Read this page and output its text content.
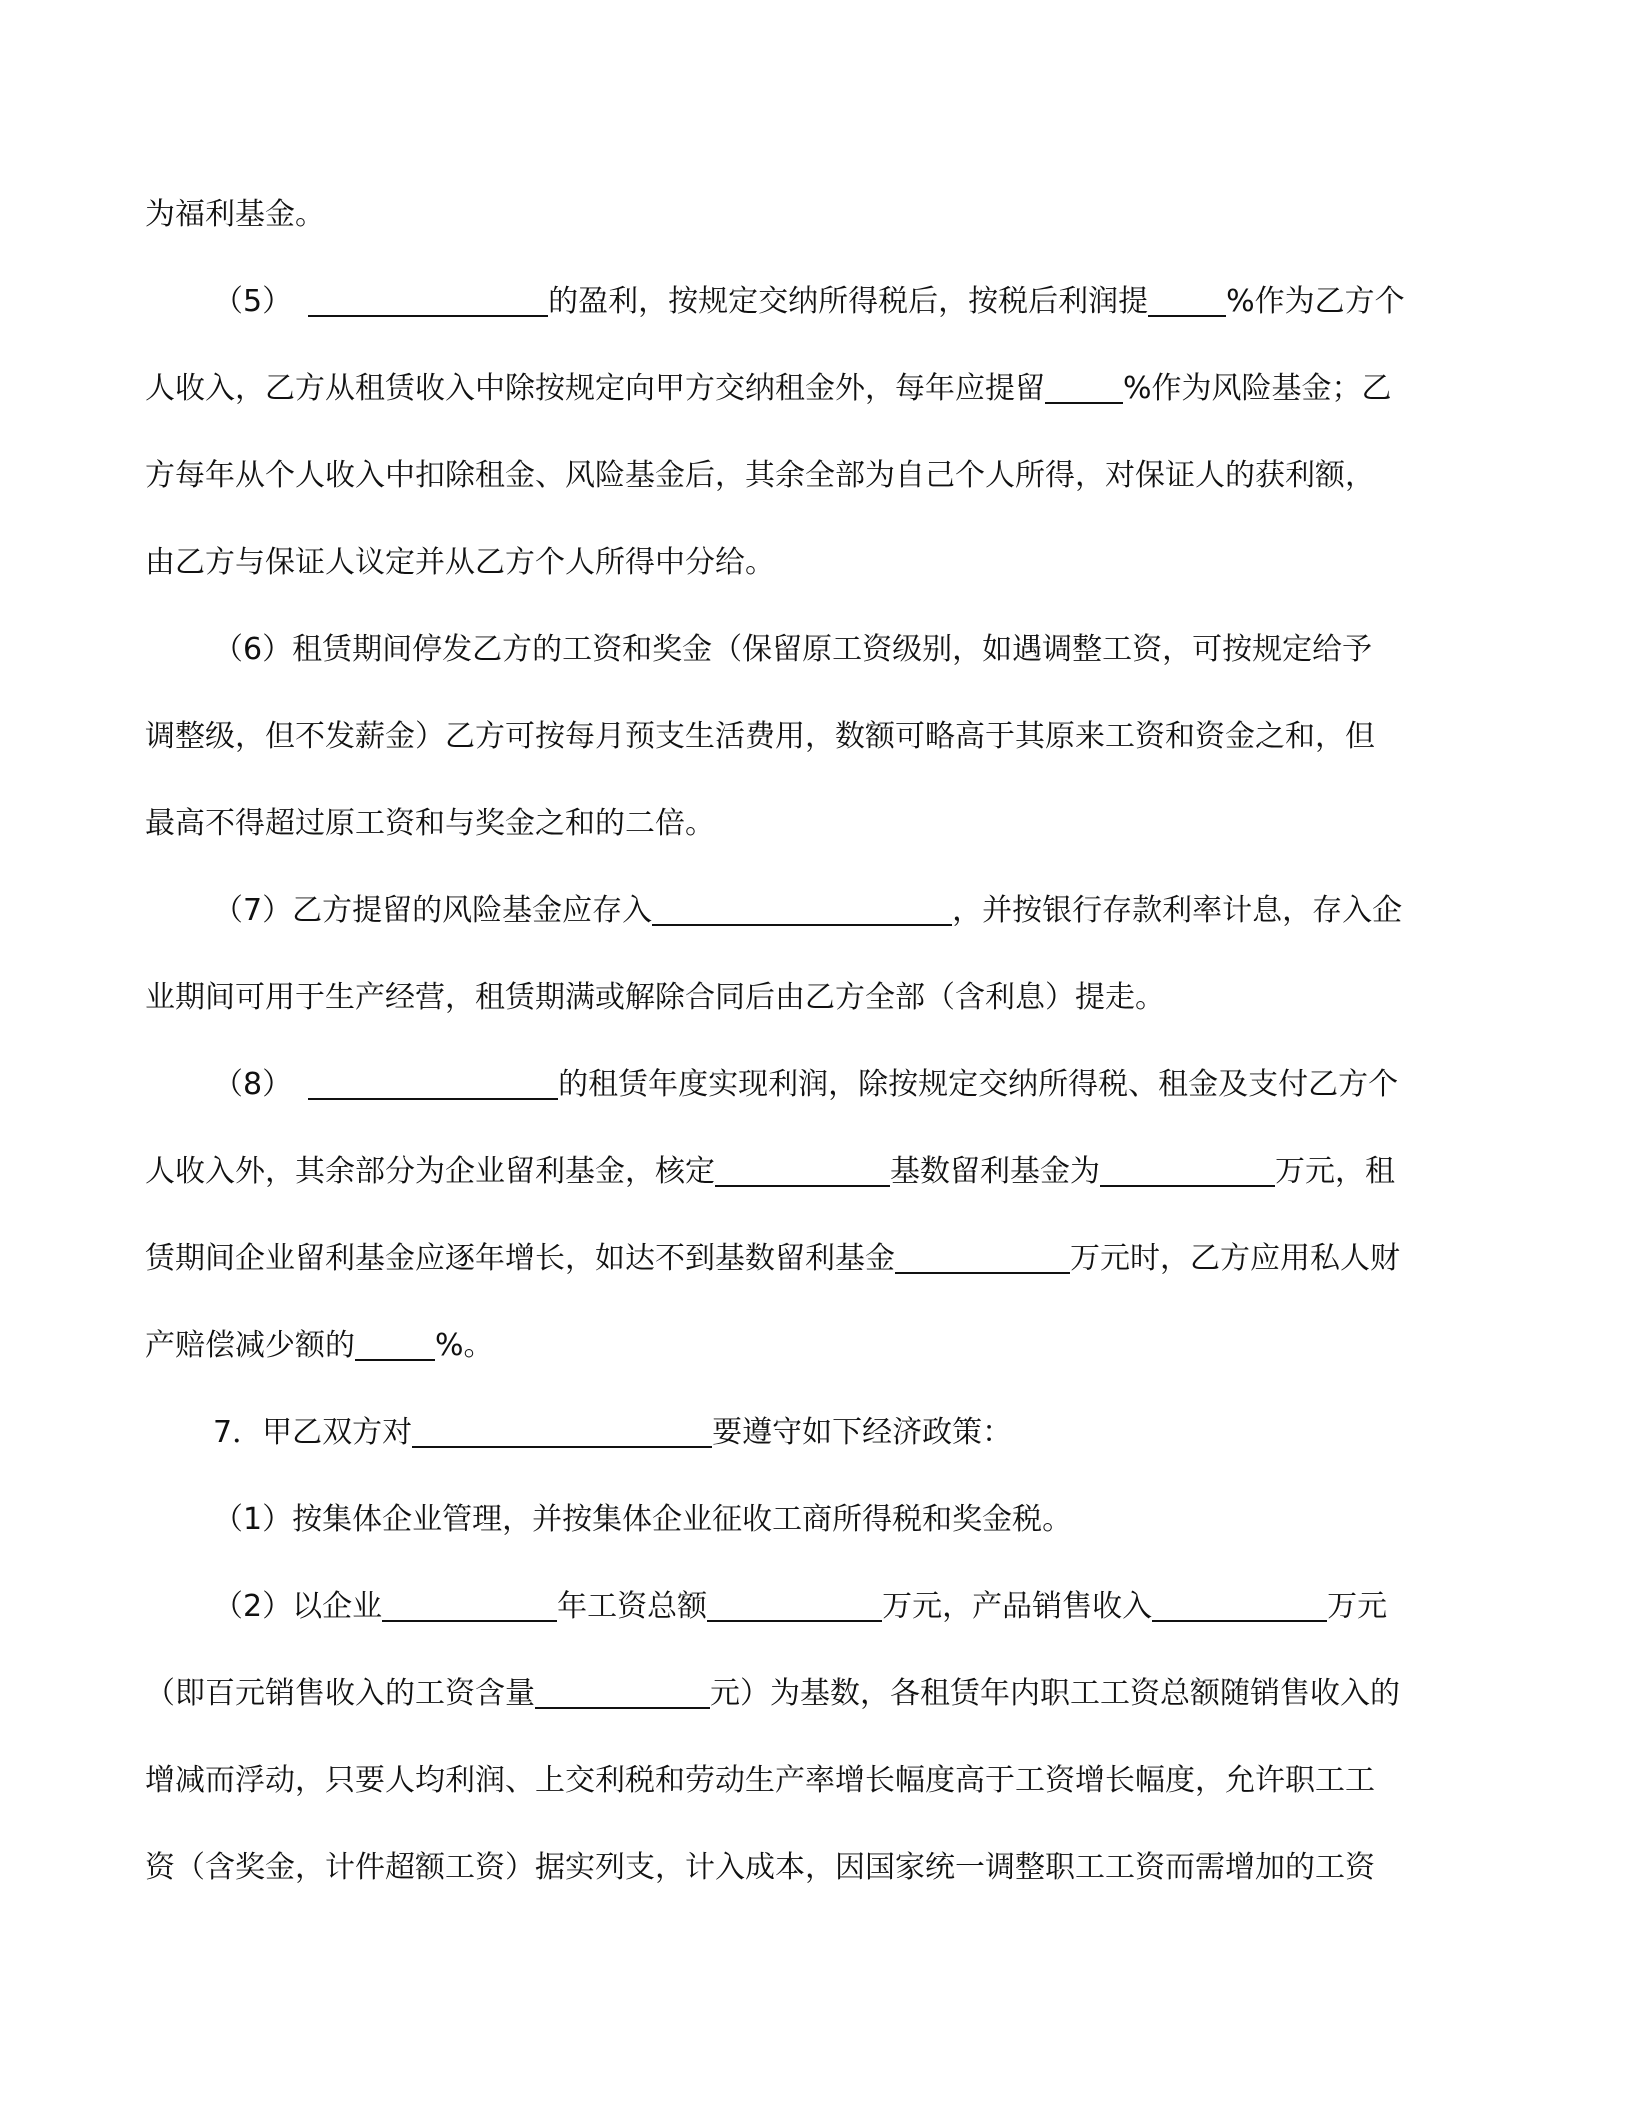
为福利基金。
（5）	的盈利，按规定交纳所得税后，按税后利润提	%作为乙方个
人收入，乙方从租赁收入中除按规定向甲方交纳租金外，每年应提留	%作为风险基金；乙
方每年从个人收入中扣除租金、风险基金后，其余全部为自己个人所得，对保证人的获利额，
由乙方与保证人议定并从乙方个人所得中分给。
（6）租赁期间停发乙方的工资和奖金（保留原工资级别，如遇调整工资，可按规定给予
调整级，但不发薪金）乙方可按每月预支生活费用，数额可略高于其原来工资和资金之和，但
最高不得超过原工资和与奖金之和的二倍。
（7）乙方提留的风险基金应存入	，并按银行存款利率计息，存入企
业期间可用于生产经营，租赁期满或解除合同后由乙方全部（含利息）提走。
（8）	的租赁年度实现利润，除按规定交纳所得税、租金及支付乙方个
人收入外，其余部分为企业留利基金，核定	基数留利基金为	万元，租
赁期间企业留利基金应逐年增长，如达不到基数留利基金	万元时，乙方应用私人财
产赔偿减少额的	%。
7．甲乙双方对	要遵守如下经济政策：
（1）按集体企业管理，并按集体企业征收工商所得税和奖金税。
（2）以企业	年工资总额	万元，产品销售收入	万元
（即百元销售收入的工资含量	元）为基数，各租赁年内职工工资总额随销售收入的
增减而浮动，只要人均利润、上交利税和劳动生产率增长幅度高于工资增长幅度，允许职工工
资（含奖金，计件超额工资）据实列支，计入成本，因国家统一调整职工工资而需增加的工资
